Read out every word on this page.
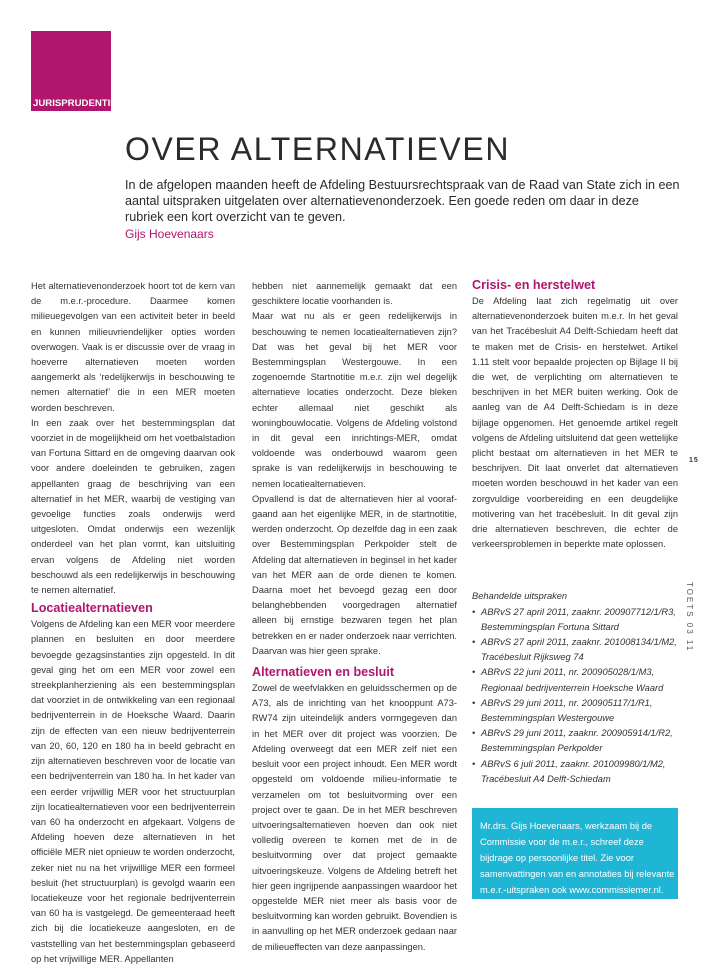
JURISPRUDENTIE
OVER ALTERNATIEVEN

In de afgelopen maanden heeft de Afdeling Bestuursrechtspraak van de Raad van State zich in een aantal uitspraken uitgelaten over alternatievenonderzoek. Een goede reden om daar in deze rubriek een kort overzicht van te geven.

Gijs Hoevenaars

Het alternatievenonderzoek hoort tot de kern van de m.e.r.-procedure. Daarmee komen milieuegevolgen van een activiteit beter in beeld en kunnen milieuvriendelijker opties worden overwogen. Vaak is er discussie over de vraag in hoeverre alternatieven moeten worden aangemerkt als ‘redelijkerwijs in beschouwing te nemen alternatief’ die in een MER moeten worden beschreven.

In een zaak over het bestemmingsplan dat voorziet in de mogelijkheid om het voetbalstadion van Fortuna Sittard en de omgeving daarvan ook voor andere doeleinden te gebruiken, zagen appellanten graag de beschrijving van een alternatief in het MER, waarbij de vestiging van gevoelige functies zoals onderwijs werd uitgesloten. Omdat onderwijs een wezenlijk onderdeel van het plan vormt, kan uitsluiting ervan volgens de Afdeling niet worden beschouwd als een redelijkerwijs in beschouwing te nemen alternatief.

Locatiealternatieven

Volgens de Afdeling kan een MER voor meerdere plannen en besluiten en door meerdere bevoegde gezagsinstanties zijn opgesteld. In dit geval ging het om een MER voor zowel een streekplanherziening als een bestemmingsplan dat voorziet in de ontwikkeling van een regionaal bedrijventerrein in de Hoeksche Waard. Daarin zijn de effecten van een nieuw bedrijventerrein van 20, 60, 120 en 180 ha in beeld gebracht en zijn alternatieven beschreven voor de locatie van een bedrijventerrein van 180 ha. In het kader van een eerder vrijwillig MER voor het structuurplan zijn locatiealternatieven voor een bedrijventerrein van 60 ha onderzocht en afgekaart. Volgens de Afdeling hoeven deze alternatieven in het officiële MER niet opnieuw te worden onderzocht, zeker niet nu na het vrijwillige MER een formeel besluit (het structuurplan) is gevolgd waarin een locatiekeuze voor het regionale bedrijventerrein van 60 ha is vastgelegd. De gemeenteraad heeft zich bij die locatiekeuze aangesloten, en de vaststelling van het bestemmingsplan gebaseerd op het vrijwillige MER. Appellanten

hebben niet aannemelijk gemaakt dat een geschiktere locatie voorhanden is.

Maar wat nu als er geen redelijkerwijs in beschouwing te nemen locatiealternatieven zijn? Dat was het geval bij het MER voor Bestemmingsplan Westergouwe. In een zogenoemde Startnotitie m.e.r. zijn wel degelijk alternatieve locaties onderzocht. Deze bleken echter allemaal niet geschikt als woningbouwlocatie. Volgens de Afdeling volstond in dit geval een inrichtings-MER, omdat voldoende was onderbouwd waarom geen sprake is van redelijkerwijs in beschouwing te nemen locatiealternatieven.

Opvallend is dat de alternatieven hier al vooraf-gaand aan het eigenlijke MER, in de startnotitie, werden onderzocht. Op dezelfde dag in een zaak over Bestemmingsplan Perkpolder stelt de Afdeling dat alternatieven in beginsel in het kader van het MER aan de orde dienen te komen. Daarna moet het bevoegd gezag een door belanghebbenden voorgedragen alternatief alleen bij ernstige bezwaren tegen het plan betrekken en er nader onderzoek naar verrichten. Daarvan was hier geen sprake.

Alternatieven en besluit

Zowel de weefvlakken en geluidsschermen op de A73, als de inrichting van het knooppunt A73-RW74 zijn uiteindelijk anders vormgegeven dan in het MER over dit project was voorzien. De Afdeling overweegt dat een MER zelf niet een besluit voor een project inhoudt. Een MER wordt opgesteld om voldoende milieu-informatie te verzamelen om tot besluitvorming over een project over te gaan. De in het MER beschreven uitvoeringsalternatieven hoeven dan ook niet volledig overeen te komen met de in de besluitvorming over dat project gemaakte uitvoeringskeuze. Volgens de Afdeling betreft het hier geen ingrijpende aanpassingen waardoor het opgestelde MER niet meer als basis voor de besluitvorming kan worden gebruikt. Bovendien is in aanvulling op het MER onderzoek gedaan naar de milieueffecten van deze aanpassingen.

Crisis- en herstelwet

De Afdeling laat zich regelmatig uit over alternatievenonderzoek buiten m.e.r. In het geval van het Tracébesluit A4 Delft-Schiedam heeft dat te maken met de Crisis- en herstelwet. Artikel 1.11 stelt voor bepaalde projecten op Bijlage II bij die wet, de verplichting om alternatieven te beschrijven in het MER buiten werking. Ook de aanleg van de A4 Delft-Schiedam is in deze bijlage opgenomen. Het genoemde artikel regelt volgens de Afdeling uitsluitend dat geen wettelijke plicht bestaat om alternatieven in het MER te beschrijven. Dit laat onverlet dat alternatieven moeten worden beschouwd in het kader van een zorgvuldige voorbereiding en een deugdelijke motivering van het tracébesluit. In dit geval zijn drie alternatieven beschreven, die echter de verkeersproblemen in beperkte mate oplossen.

Behandelde uitspraken
• ABRvS 27 april 2011, zaaknr. 200907712/1/R3, Bestemmingsplan Fortuna Sittard
• ABRvS 27 april 2011, zaaknr. 201008134/1/M2, Tracébesluit Rijksweg 74
• ABRvS 22 juni 2011, nr. 200905028/1/M3, Regionaal bedrijventerrein Hoeksche Waard
• ABRvS 29 juni 2011, nr. 200905117/1/R1, Bestemmingsplan Westergouwe
• ABRvS 29 juni 2011, zaaknr. 200905914/1/R2, Bestemmingsplan Perkpolder
• ABRvS 6 juli 2011, zaaknr. 201009980/1/M2, Tracébesluit A4 Delft-Schiedam

Mr.drs. Gijs Hoevenaars, werkzaam bij de Commissie voor de m.e.r., schreef deze bijdrage op persoonlijke titel. Zie voor samenvattingen van en annotaties bij relevante m.e.r.-uitspraken ook www.commissiemer.nl.

15
TOETS 03 11
